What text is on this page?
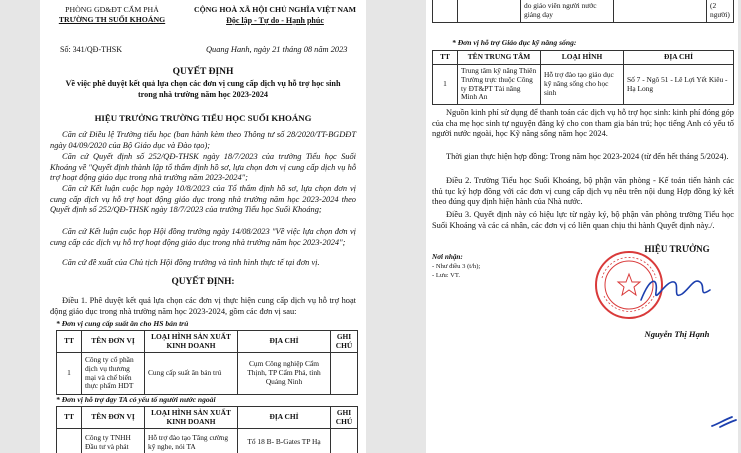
PHÒNG GD&ĐT CẨM PHẢ
TRƯỜNG TH SUỐI KHOÁNG
CỘNG HOÀ XÃ HỘI CHỦ NGHĨA VIỆT NAM
Độc lập - Tự do - Hạnh phúc
Số: 341/QĐ-THSK	Quang Hanh, ngày 21 tháng 08 năm 2023
QUYẾT ĐỊNH
Về việc phê duyệt kết quả lựa chọn các đơn vị cung cấp dịch vụ hỗ trợ học sinh
trong nhà trường năm học 2023-2024
HIỆU TRƯỞNG TRƯỜNG TIỂU HỌC SUỐI KHOÁNG
Căn cứ Điều lệ Trường tiểu học (ban hành kèm theo Thông tư số 28/2020/TT-BGDĐT ngày 04/09/2020 của Bộ Giáo dục và Đào tạo);
Căn cứ Quyết định số 252/QĐ-THSK ngày 18/7/2023 của trường Tiểu học Suối Khoáng về "Quyết định thành lập tổ thẩm định hồ sơ, lựa chọn đơn vị cung cấp dịch vụ hỗ trợ hoạt động giáo dục trong nhà trường năm 2023-2024";
Căn cứ Kết luận cuộc họp ngày 10/8/2023 của Tổ thẩm định hồ sơ, lựa chọn đơn vị cung cấp dịch vụ hỗ trợ hoạt động giáo dục trong nhà trường năm học 2023-2024 theo Quyết định số 252/QĐ-THSK ngày 18/7/2023 của trường Tiểu học Suối Khoáng;
Căn cứ Kết luận cuộc họp Hội đồng trường ngày 14/08/2023 "Về việc lựa chọn đơn vị cung cấp các dịch vụ hỗ trợ hoạt động giáo dục trong nhà trường năm học 2023-2024";
Căn cứ đề xuất của Chủ tịch Hội đồng trường và tình hình thực tế tại đơn vị.
QUYẾT ĐỊNH:
Điều 1. Phê duyệt kết quả lựa chọn các đơn vị thực hiện cung cấp dịch vụ hỗ trợ hoạt động giáo dục trong nhà trường năm học 2023-2024, gồm các đơn vị sau:
* Đơn vị cung cấp suất ăn cho HS bán trú
TT	TÊN ĐƠN VỊ	LOẠI HÌNH SẢN XUẤT KINH DOANH	ĐỊA CHỈ	GHI CHÚ
1	Công ty cổ phần dịch vụ thương mại và chế biến thực phẩm HDT	Cung cấp suất ăn bán trú	Cụm Công nghiệp Cẩm Thịnh, TP Cẩm Phả, tỉnh Quảng Ninh	
* Đơn vị hỗ trợ dạy TA có yếu tố người nước ngoài
TT	TÊN ĐƠN VỊ	LOẠI HÌNH SẢN XUẤT KINH DOANH	ĐỊA CHỈ	GHI CHÚ
	Công ty TNHH Đầu tư và phát	Hỗ trợ đào tạo Tăng cường kỹ nghe, nói TA	Tổ 18 B- B-Gates TP Hạ	
		do giáo viên người nước giảng dạy		(2 người)
* Đơn vị hỗ trợ Giáo dục kỹ năng sống:
TT	TÊN TRUNG TÂM	LOẠI HÌNH	ĐỊA CHỈ
1	Trung tâm kỹ năng Thiên Trường trực thuộc Công ty ĐT&PT Tài năng Minh An	Hỗ trợ đào tạo giáo dục kỹ năng sống cho học sinh	Số 7 - Ngõ 51 - Lê Lợi Yết Kiêu - Hạ Long
Nguồn kinh phí sử dụng để thanh toán các dịch vụ hỗ trợ học sinh: kinh phí đóng góp của cha mẹ học sinh tự nguyện đăng ký cho con tham gia bán trú; học tiếng Anh có yếu tố người nước ngoài, học Kỹ năng sống năm học 2024.
Thời gian thực hiện hợp đồng: Trong năm học 2023-2024 (từ đến hết tháng 5/2024).
Điều 2. Trường Tiểu học Suối Khoáng, bộ phận văn phòng - Kế toán tiến hành các thủ tục ký hợp đồng với các đơn vị cung cấp dịch vụ nêu trên nội dung Hợp đồng ký kết theo đúng quy định hiện hành của Nhà nước.
Điều 3. Quyết định này có hiệu lực từ ngày ký, bộ phận văn phòng trường Tiểu học Suối Khoáng và các cá nhân, các đơn vị có liên quan chịu thi hành Quyết định này./.
Nơi nhận:
- Như điều 3 (t/h);
- Lưu: VT.
HIỆU TRƯỞNG
Nguyễn Thị Hạnh
